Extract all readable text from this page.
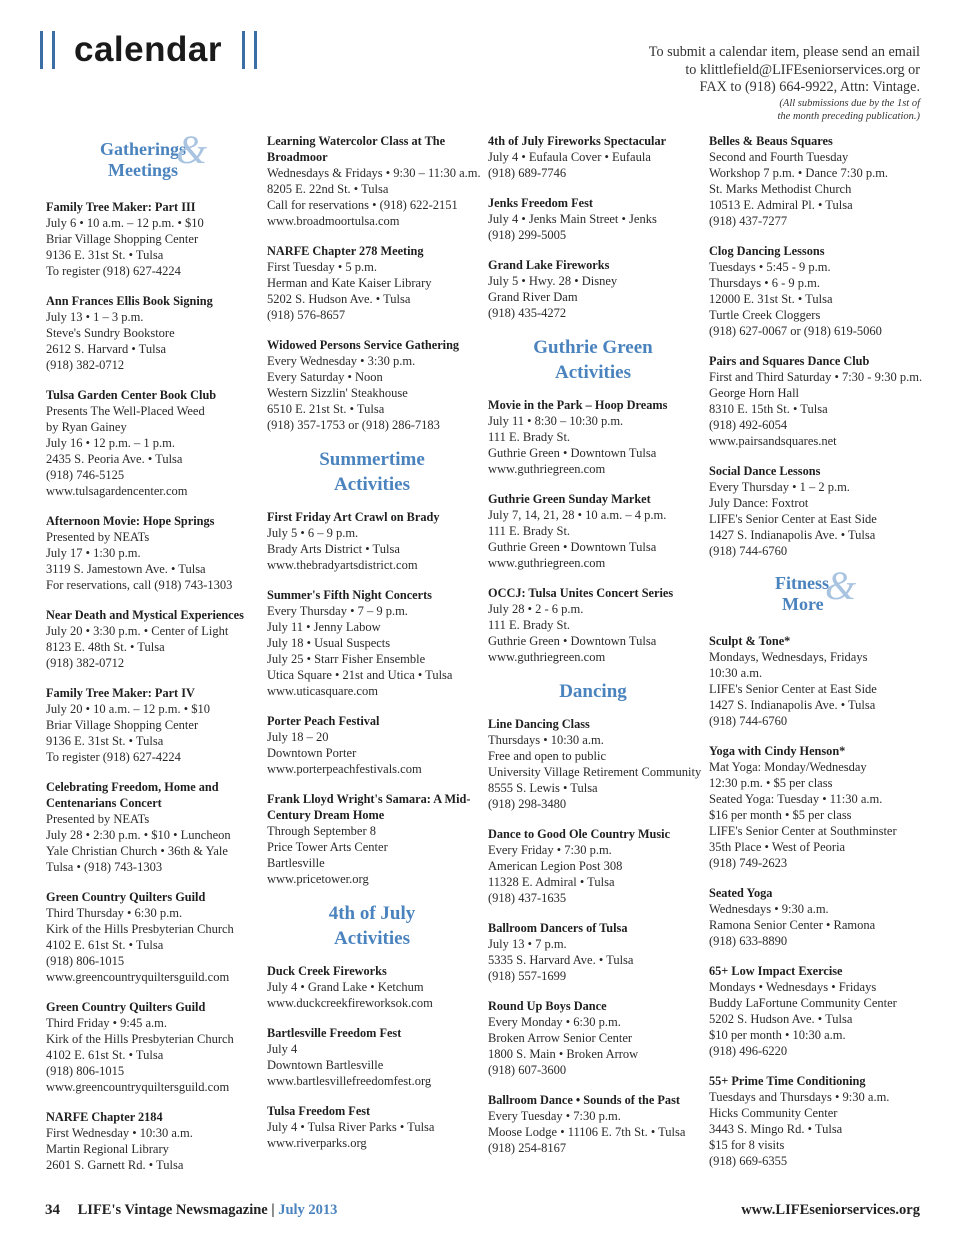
calendar	To submit a calendar item, please send an email
to klittlefield@LIFEseniorservices.org or
FAX to (918) 664-9922, Attn: Vintage.
(All submissions due by the 1st of
the month preceding publication.)
Gatherings
&
Meetings
Family Tree Maker: Part III
July 6 • 10 a.m. – 12 p.m. • $10
Briar Village Shopping Center
9136 E. 31st St. • Tulsa
To register (918) 627-4224
Ann Frances Ellis Book Signing
July 13 • 1 – 3 p.m.
Steve's Sundry Bookstore
2612 S. Harvard • Tulsa
(918) 382-0712
Tulsa Garden Center Book Club
Presents The Well-Placed Weed
by Ryan Gainey
July 16 • 12 p.m. – 1 p.m.
2435 S. Peoria Ave. • Tulsa
(918) 746-5125
www.tulsagardencenter.com
Afternoon Movie: Hope Springs
Presented by NEATs
July 17 • 1:30 p.m.
3119 S. Jamestown Ave. • Tulsa
For reservations, call (918) 743-1303
Near Death and Mystical Experiences
July 20 • 3:30 p.m. • Center of Light
8123 E. 48th St. • Tulsa
(918) 382-0712
Family Tree Maker: Part IV
July 20 • 10 a.m. – 12 p.m. • $10
Briar Village Shopping Center
9136 E. 31st St. • Tulsa
To register (918) 627-4224
Celebrating Freedom, Home and Centenarians Concert
Presented by NEATs
July 28 • 2:30 p.m. • $10 • Luncheon
Yale Christian Church • 36th & Yale
Tulsa • (918) 743-1303
Green Country Quilters Guild
Third Thursday • 6:30 p.m.
Kirk of the Hills Presbyterian Church
4102 E. 61st St. • Tulsa
(918) 806-1015
www.greencountryquiltersguild.com
Green Country Quilters Guild
Third Friday • 9:45 a.m.
Kirk of the Hills Presbyterian Church
4102 E. 61st St. • Tulsa
(918) 806-1015
www.greencountryquiltersguild.com
NARFE Chapter 2184
First Wednesday • 10:30 a.m.
Martin Regional Library
2601 S. Garnett Rd. • Tulsa
Learning Watercolor Class at The Broadmoor
Wednesdays & Fridays • 9:30 – 11:30 a.m.
8205 E. 22nd St. • Tulsa
Call for reservations • (918) 622-2151
www.broadmoortulsa.com
NARFE Chapter 278 Meeting
First Tuesday • 5 p.m.
Herman and Kate Kaiser Library
5202 S. Hudson Ave. • Tulsa
(918) 576-8657
Widowed Persons Service Gathering
Every Wednesday • 3:30 p.m.
Every Saturday • Noon
Western Sizzlin' Steakhouse
6510 E. 21st St. • Tulsa
(918) 357-1753 or (918) 286-7183
Summertime
Activities
First Friday Art Crawl on Brady
July 5 • 6 – 9 p.m.
Brady Arts District • Tulsa
www.thebradyartsdistrict.com
Summer's Fifth Night Concerts
Every Thursday • 7 – 9 p.m.
July 11 • Jenny Labow
July 18 • Usual Suspects
July 25 • Starr Fisher Ensemble
Utica Square • 21st and Utica • Tulsa
www.uticasquare.com
Porter Peach Festival
July 18 – 20
Downtown Porter
www.porterpeachfestivals.com
Frank Lloyd Wright's Samara: A Mid-Century Dream Home
Through September 8
Price Tower Arts Center
Bartlesville
www.pricetower.org
4th of July
Activities
Duck Creek Fireworks
July 4 • Grand Lake • Ketchum
www.duckcreekfireworksok.com
Bartlesville Freedom Fest
July 4
Downtown Bartlesville
www.bartlesvillefreedomfest.org
Tulsa Freedom Fest
July 4 • Tulsa River Parks • Tulsa
www.riverparks.org
4th of July Fireworks Spectacular
July 4 • Eufaula Cover • Eufaula
(918) 689-7746
Jenks Freedom Fest
July 4 • Jenks Main Street • Jenks
(918) 299-5005
Grand Lake Fireworks
July 5 • Hwy. 28 • Disney
Grand River Dam
(918) 435-4272
Guthrie Green
Activities
Movie in the Park – Hoop Dreams
July 11 • 8:30 – 10:30 p.m.
111 E. Brady St.
Guthrie Green • Downtown Tulsa
www.guthriegreen.com
Guthrie Green Sunday Market
July 7, 14, 21, 28 • 10 a.m. – 4 p.m.
111 E. Brady St.
Guthrie Green • Downtown Tulsa
www.guthriegreen.com
OCCJ: Tulsa Unites Concert Series
July 28 • 2 - 6 p.m.
111 E. Brady St.
Guthrie Green • Downtown Tulsa
www.guthriegreen.com
Dancing
Line Dancing Class
Thursdays • 10:30 a.m.
Free and open to public
University Village Retirement Community
8555 S. Lewis • Tulsa
(918) 298-3480
Dance to Good Ole Country Music
Every Friday • 7:30 p.m.
American Legion Post 308
11328 E. Admiral • Tulsa
(918) 437-1635
Ballroom Dancers of Tulsa
July 13 • 7 p.m.
5335 S. Harvard Ave. • Tulsa
(918) 557-1699
Round Up Boys Dance
Every Monday • 6:30 p.m.
Broken Arrow Senior Center
1800 S. Main • Broken Arrow
(918) 607-3600
Ballroom Dance • Sounds of the Past
Every Tuesday • 7:30 p.m.
Moose Lodge • 11106 E. 7th St. • Tulsa
(918) 254-8167
Belles & Beaus Squares
Second and Fourth Tuesday
Workshop 7 p.m. • Dance 7:30 p.m.
St. Marks Methodist Church
10513 E. Admiral Pl. • Tulsa
(918) 437-7277
Clog Dancing Lessons
Tuesdays • 5:45 - 9 p.m.
Thursdays • 6 - 9 p.m.
12000 E. 31st St. • Tulsa
Turtle Creek Cloggers
(918) 627-0067 or (918) 619-5060
Pairs and Squares Dance Club
First and Third Saturday • 7:30 - 9:30 p.m.
George Horn Hall
8310 E. 15th St. • Tulsa
(918) 492-6054
www.pairsandsquares.net
Social Dance Lessons
Every Thursday • 1 – 2 p.m.
July Dance: Foxtrot
LIFE's Senior Center at East Side
1427 S. Indianapolis Ave. • Tulsa
(918) 744-6760
Fitness
&
More
Sculpt & Tone*
Mondays, Wednesdays, Fridays
10:30 a.m.
LIFE's Senior Center at East Side
1427 S. Indianapolis Ave. • Tulsa
(918) 744-6760
Yoga with Cindy Henson*
Mat Yoga: Monday/Wednesday
12:30 p.m. • $5 per class
Seated Yoga: Tuesday • 11:30 a.m.
$16 per month • $5 per class
LIFE's Senior Center at Southminster
35th Place • West of Peoria
(918) 749-2623
Seated Yoga
Wednesdays • 9:30 a.m.
Ramona Senior Center • Ramona
(918) 633-8890
65+ Low Impact Exercise
Mondays • Wednesdays • Fridays
Buddy LaFortune Community Center
5202 S. Hudson Ave. • Tulsa
$10 per month • 10:30 a.m.
(918) 496-6220
55+ Prime Time Conditioning
Tuesdays and Thursdays • 9:30 a.m.
Hicks Community Center
3443 S. Mingo Rd. • Tulsa
$15 for 8 visits
(918) 669-6355
34 LIFE's Vintage Newsmagazine | July 2013	www.LIFEseniorservices.org
